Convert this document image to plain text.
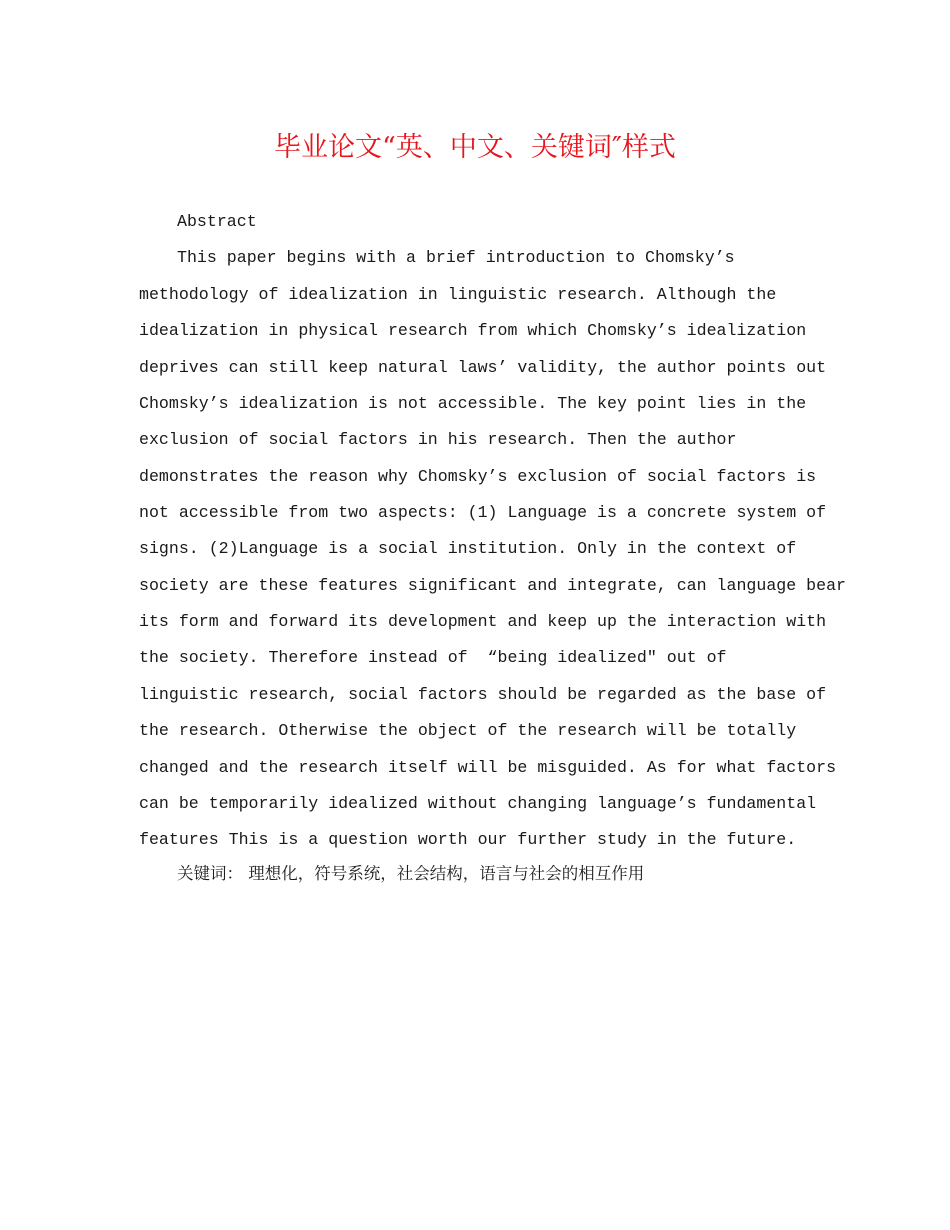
毕业论文“英、中文、关键词″样式
Abstract
This paper begins with a brief introduction to Chomsky’s
methodology of idealization in linguistic research. Although the
idealization in physical research from which Chomsky’s idealization
deprives can still keep natural laws’ validity, the author points out
Chomsky’s idealization is not accessible. The key point lies in the
exclusion of social factors in his research. Then the author
demonstrates the reason why Chomsky’s exclusion of social factors is
not accessible from two aspects: (1) Language is a concrete system of
signs. (2)Language is a social institution. Only in the context of
society are these features significant and integrate, can language bear
its form and forward its development and keep up the interaction with
the society. Therefore instead of  “being idealized″ out of
linguistic research, social factors should be regarded as the base of
the research. Otherwise the object of the research will be totally
changed and the research itself will be misguided. As for what factors
can be temporarily idealized without changing language’s fundamental
features This is a question worth our further study in the future.
关键词： 理想化，符号系统，社会结构，语言与社会的相互作用
